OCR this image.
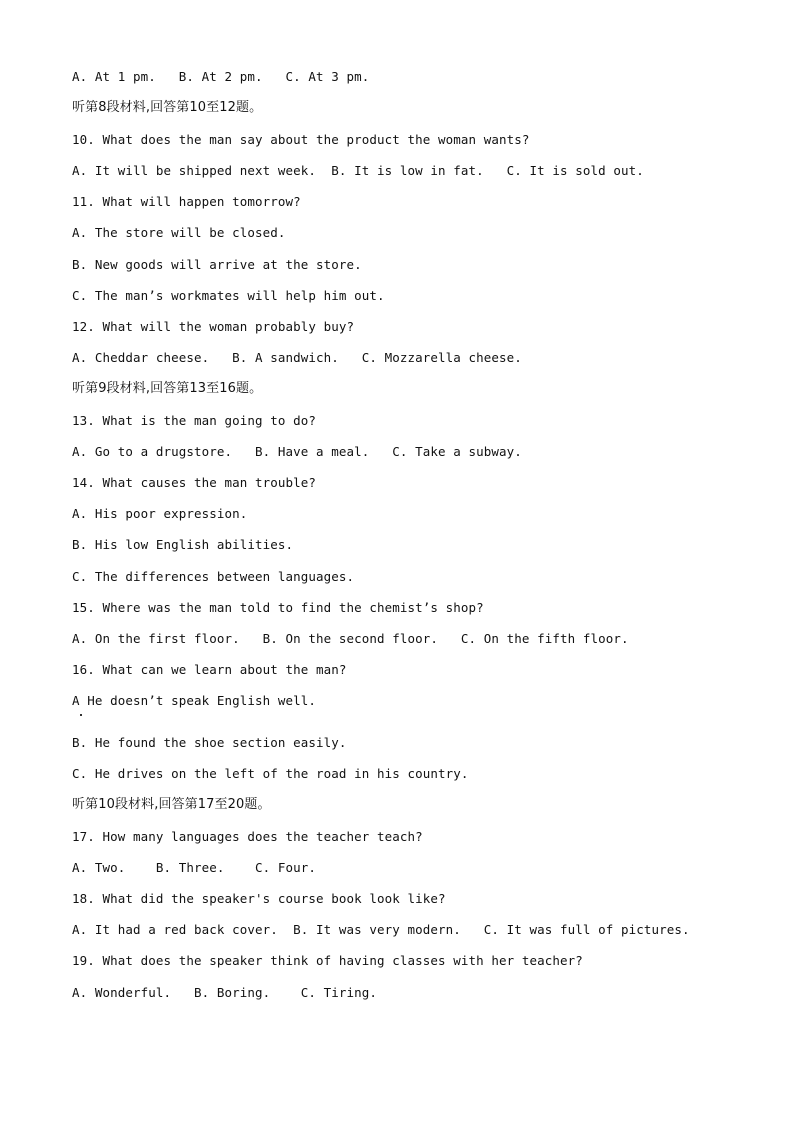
A. At 1 pm.   B. At 2 pm.   C. At 3 pm.
听第8段材料,回答第10至12题。
10. What does the man say about the product the woman wants?
A. It will be shipped next week.  B. It is low in fat.   C. It is sold out.
11. What will happen tomorrow?
A. The store will be closed.
B. New goods will arrive at the store.
C. The man’s workmates will help him out.
12. What will the woman probably buy?
A. Cheddar cheese.   B. A sandwich.   C. Mozzarella cheese.
听第9段材料,回答第13至16题。
13. What is the man going to do?
A. Go to a drugstore.   B. Have a meal.   C. Take a subway.
14. What causes the man trouble?
A. His poor expression.
B. His low English abilities.
C. The differences between languages.
15. Where was the man told to find the chemist’s shop?
A. On the first floor.   B. On the second floor.   C. On the fifth floor.
16. What can we learn about the man?
A He doesn’t speak English well.
B. He found the shoe section easily.
C. He drives on the left of the road in his country.
听第10段材料,回答第17至20题。
17. How many languages does the teacher teach?
A. Two.    B. Three.    C. Four.
18. What did the speaker's course book look like?
A. It had a red back cover.  B. It was very modern.   C. It was full of pictures.
19. What does the speaker think of having classes with her teacher?
A. Wonderful.   B. Boring.    C. Tiring.
